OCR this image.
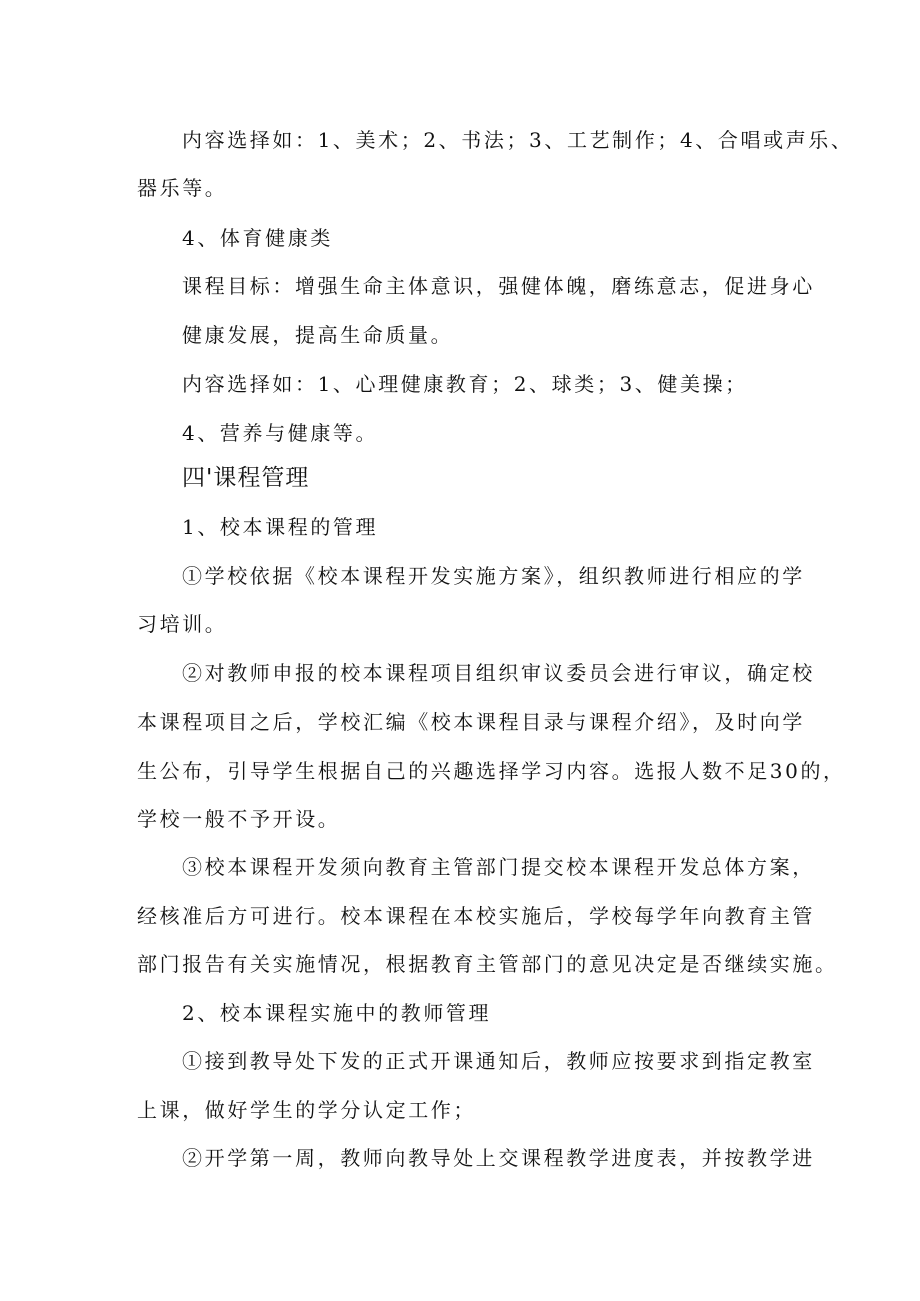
内容选择如：1、美术；2、书法；3、工艺制作；4、合唱或声乐、
器乐等。
4、体育健康类
课程目标：增强生命主体意识，强健体魄，磨练意志，促进身心
健康发展，提高生命质量。
内容选择如：1、心理健康教育；2、球类；3、健美操；
4、营养与健康等。
四'课程管理
1、校本课程的管理
①学校依据《校本课程开发实施方案》，组织教师进行相应的学
习培训。
②对教师申报的校本课程项目组织审议委员会进行审议，确定校
本课程项目之后，学校汇编《校本课程目录与课程介绍》，及时向学
生公布，引导学生根据自己的兴趣选择学习内容。选报人数不足30的，
学校一般不予开设。
③校本课程开发须向教育主管部门提交校本课程开发总体方案，
经核准后方可进行。校本课程在本校实施后，学校每学年向教育主管
部门报告有关实施情况，根据教育主管部门的意见决定是否继续实施。
2、校本课程实施中的教师管理
①接到教导处下发的正式开课通知后，教师应按要求到指定教室
上课，做好学生的学分认定工作；
②开学第一周，教师向教导处上交课程教学进度表，并按教学进
